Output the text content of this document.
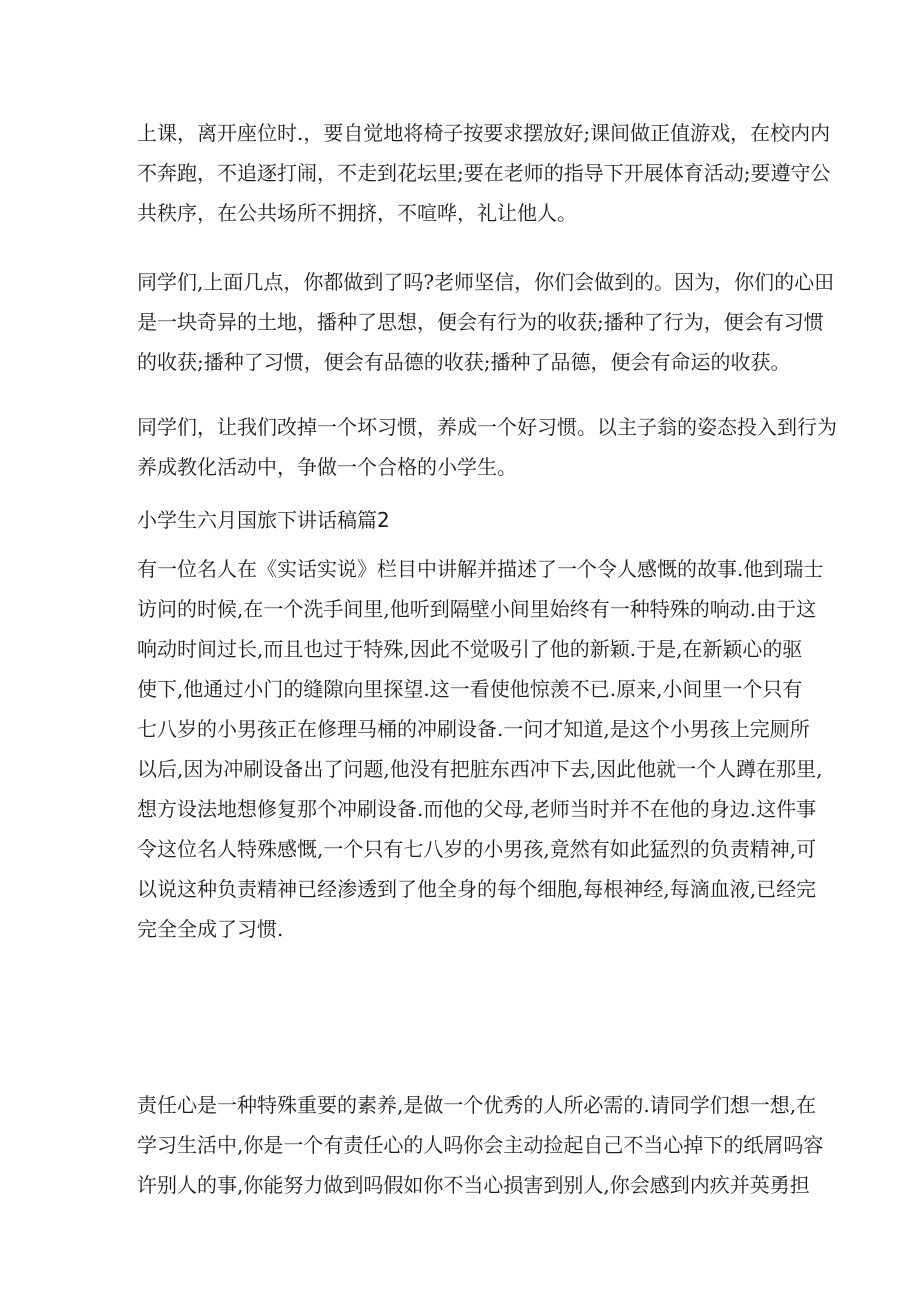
上课，离开座位时.，要自觉地将椅子按要求摆放好;课间做正值游戏，在校内内
不奔跑，不追逐打闹，不走到花坛里;要在老师的指导下开展体育活动;要遵守公
共秩序，在公共场所不拥挤，不喧哗，礼让他人。
同学们,上面几点，你都做到了吗?老师坚信，你们会做到的。因为，你们的心田
是一块奇异的土地，播种了思想，便会有行为的收获;播种了行为，便会有习惯
的收获;播种了习惯，便会有品德的收获;播种了品德，便会有命运的收获。
同学们，让我们改掉一个坏习惯，养成一个好习惯。以主子翁的姿态投入到行为
养成教化活动中，争做一个合格的小学生。
小学生六月国旅下讲话稿篇2
有一位名人在《实话实说》栏目中讲解并描述了一个令人感慨的故事.他到瑞士
访问的时候,在一个洗手间里,他听到隔壁小间里始终有一种特殊的响动.由于这
响动时间过长,而且也过于特殊,因此不觉吸引了他的新颖.于是,在新颖心的驱
使下,他通过小门的缝隙向里探望.这一看使他惊羡不已.原来,小间里一个只有
七八岁的小男孩正在修理马桶的冲刷设备.一问才知道,是这个小男孩上完厕所
以后,因为冲刷设备出了问题,他没有把脏东西冲下去,因此他就一个人蹲在那里,
想方设法地想修复那个冲刷设备.而他的父母,老师当时并不在他的身边.这件事
令这位名人特殊感慨,一个只有七八岁的小男孩,竟然有如此猛烈的负责精神,可
以说这种负责精神已经渗透到了他全身的每个细胞,每根神经,每滴血液,已经完
完全全成了习惯.
责任心是一种特殊重要的素养,是做一个优秀的人所必需的.请同学们想一想,在
学习生活中,你是一个有责任心的人吗你会主动捡起自己不当心掉下的纸屑吗容
许别人的事,你能努力做到吗假如你不当心损害到别人,你会感到内疚并英勇担
